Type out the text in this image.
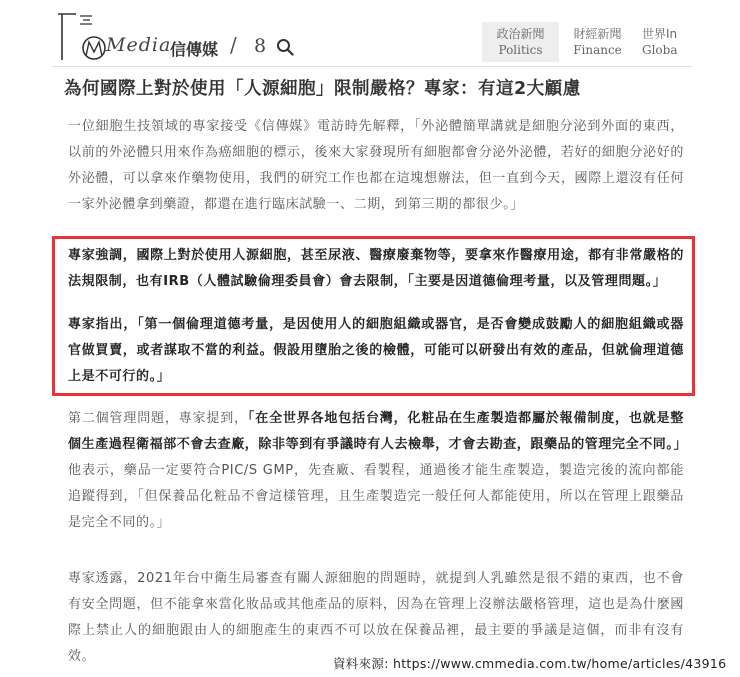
Media
信傳媒 / 8
政治新聞
Politics
財經新聞
Finance
世界In
Globa
為何國際上對於使用「人源細胞」限制嚴格？專家：有這2大顧慮

一位細胞生技領域的專家接受《信傳媒》電訪時先解釋，「外泌體簡單講就是細胞分泌到外面的東西，以前的外泌體只用來作為癌細胞的標示，後來大家發現所有細胞都會分泌外泌體，若好的細胞分泌好的外泌體，可以拿來作藥物使用，我們的研究工作也都在這塊想辦法，但一直到今天，國際上還沒有任何一家外泌體拿到藥證，都還在進行臨床試驗一、二期，到第三期的都很少。」

專家強調，國際上對於使用人源細胞，甚至尿液、醫療廢棄物等，要拿來作醫療用途，都有非常嚴格的法規限制，也有IRB（人體試驗倫理委員會）會去限制，「主要是因道德倫理考量，以及管理問題。」

專家指出，「第一個倫理道德考量，是因使用人的細胞組織或器官，是否會變成鼓勵人的細胞組織或器官做買賣，或者謀取不當的利益。假設用墮胎之後的檢體，可能可以研發出有效的產品，但就倫理道德上是不可行的。」

第二個管理問題，專家提到，「在全世界各地包括台灣，化粧品在生產製造都屬於報備制度，也就是整個生產過程衛福部不會去查廠，除非等到有爭議時有人去檢舉，才會去勘查，跟藥品的管理完全不同。」他表示，藥品一定要符合PIC/S GMP，先查廠、看製程，通過後才能生產製造，製造完後的流向都能追蹤得到，「但保養品化粧品不會這樣管理，且生產製造完一般任何人都能使用，所以在管理上跟藥品是完全不同的。」

專家透露，2021年台中衛生局審查有關人源細胞的問題時，就提到人乳雖然是很不錯的東西，也不會有安全問題，但不能拿來當化妝品或其他產品的原料，因為在管理上沒辦法嚴格管理，這也是為什麼國際上禁止人的細胞跟由人的細胞產生的東西不可以放在保養品裡，最主要的爭議是這個，而非有沒有效。	資料來源: https://www.cmmedia.com.tw/home/articles/43916
